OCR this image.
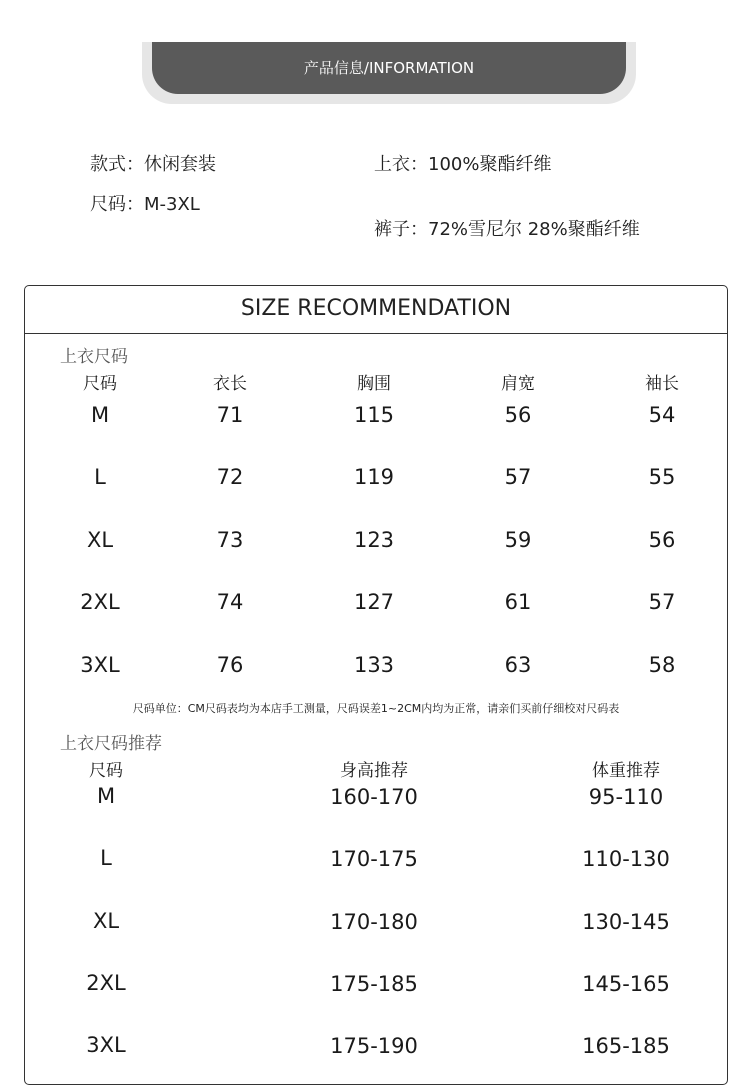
产品信息/INFORMATION
款式：休闲套装
尺码：M-3XL
上衣：100%聚酯纤维
裤子：72%雪尼尔 28%聚酯纤维
SIZE RECOMMENDATION
上衣尺码
尺码	衣长	胸围	肩宽	袖长
M	71	115	56	54
L	72	119	57	55
XL	73	123	59	56
2XL	74	127	61	57
3XL	76	133	63	58
尺码单位：CM尺码表均为本店手工测量，尺码误差1~2CM内均为正常，请亲们买前仔细校对尺码表
上衣尺码推荐
尺码	身高推荐	体重推荐
M	160-170	95-110
L	170-175	110-130
XL	170-180	130-145
2XL	175-185	145-165
3XL	175-190	165-185
